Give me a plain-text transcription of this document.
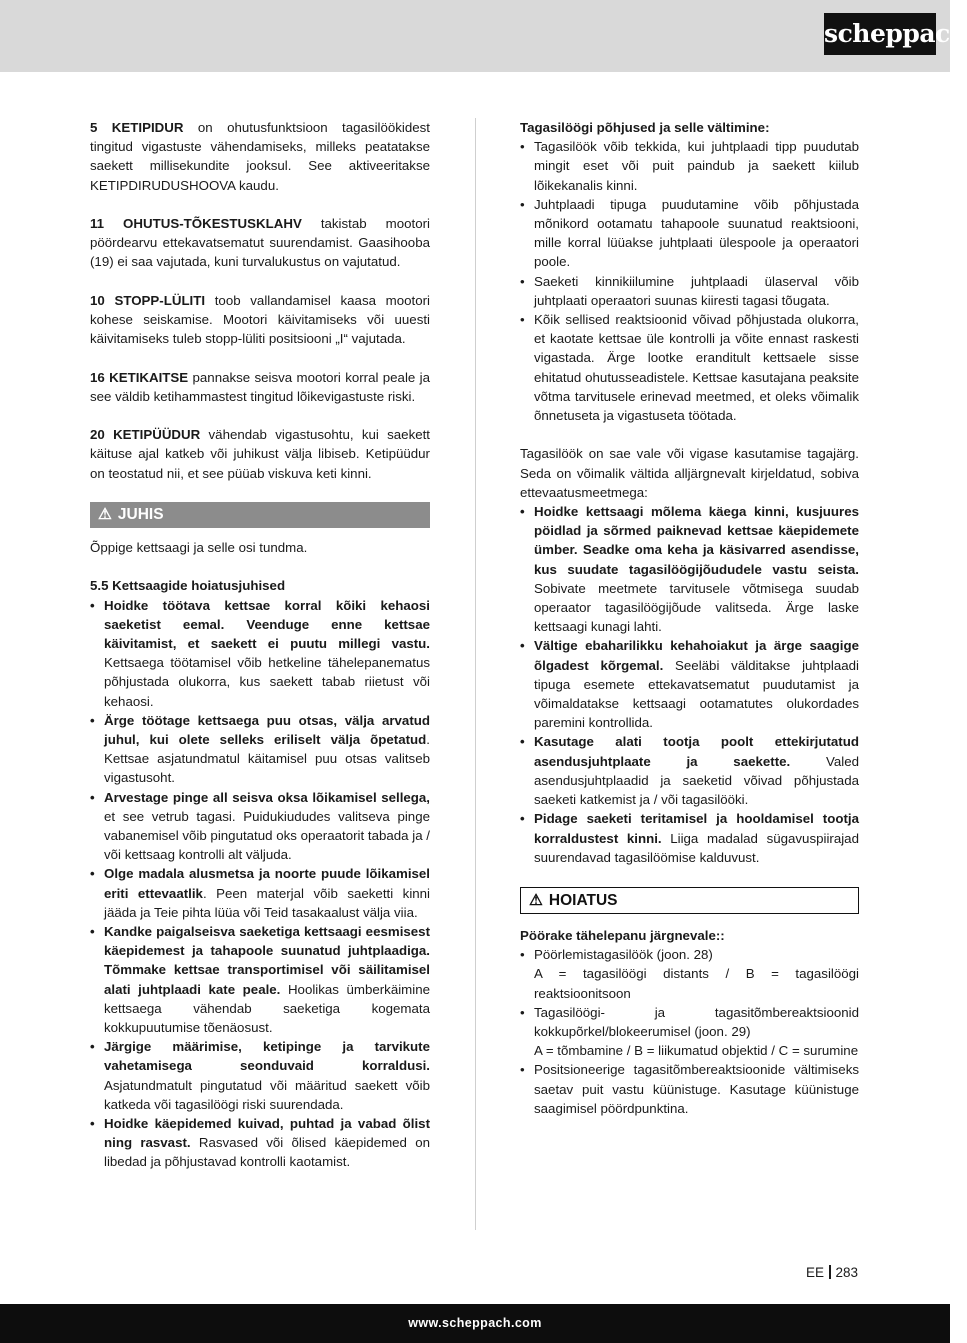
scheppach

5 KETIPIDUR on ohutusfunktsioon tagasilöökidest tingitud vigastuste vähendamiseks, milleks peatatakse saekett millisekundite jooksul. See aktiveeritakse KETIPDIRUDUSHOOVA kaudu.

11 OHUTUS-TÕKESTUSKLAHV takistab mootori pöördearvu ettekavatsematut suurendamist. Gaasihooba (19) ei saa vajutada, kuni turvalukustus on vajutatud.

10 STOPP-LÜLITI toob vallandamisel kaasa mootori kohese seiskamise. Mootori käivitamiseks või uuesti käivitamiseks tuleb stopp-lüliti positsiooni „I“ vajutada.

16 KETIKAITSE pannakse seisva mootori korral peale ja see väldib ketihammastest tingitud lõikevigastuste riski.

20 KETIPÜÜDUR vähendab vigastusohtu, kui saekett käituse ajal katkeb või juhikust välja libiseb. Ketipüüdur on teostatud nii, et see püüab viskuva keti kinni.

⚠ JUHIS

Õppige kettsaagi ja selle osi tundma.

5.5 Kettsaagide hoiatusjuhised
• Hoidke töötava kettsae korral kõiki kehaosi saeketist eemal. Veenduge enne kettsae käivitamist, et saekett ei puutu millegi vastu. Kettsaega töötamisel võib hetkeline tähelepanematus põhjustada olukorra, kus saekett tabab riietust või kehaosi.
• Ärge töötage kettsaega puu otsas, välja arvatud juhul, kui olete selleks eriliselt välja õpetatud. Kettsae asjatundmatul käitamisel puu otsas valitseb vigastusoht.
• Arvestage pinge all seisva oksa lõikamisel sellega, et see vetrub tagasi. Puidukiududes valitseva pinge vabanemisel võib pingutatud oks operaatorit tabada ja / või kettsaag kontrolli alt väljuda.
• Olge madala alusmetsa ja noorte puude lõikamisel eriti ettevaatlik. Peen materjal võib saeketti kinni jääda ja Teie pihta lüüa või Teid tasakaalust välja viia.
• Kandke paigalseisva saeketiga kettsaagi eesmisest käepidemest ja tahapoole suunatud juhtplaadiga. Tõmmake kettsae transportimisel või säilitamisel alati juhtplaadi kate peale. Hoolikas ümberkäimine kettsaega vähendab saeketiga kogemata kokkupuutumise tõenäosust.
• Järgige määrimise, ketipinge ja tarvikute vahetamisega seonduvaid korraldusi. Asjatundmatult pingutatud või määritud saekett võib katkeda või tagasilöögi riski suurendada.
• Hoidke käepidemed kuivad, puhtad ja vabad õlist ning rasvast. Rasvased või õlised käepidemed on libedad ja põhjustavad kontrolli kaotamist.
Tagasilöögi põhjused ja selle vältimine:
• Tagasilöök võib tekkida, kui juhtplaadi tipp puudutab mingit eset või puit paindub ja saekett kiilub lõikekanalis kinni.
• Juhtplaadi tipuga puudutamine võib põhjustada mõnikord ootamatu tahapoole suunatud reaktsiooni, mille korral lüüakse juhtplaati ülespoole ja operaatori poole.
• Saeketi kinnikiilumine juhtplaadi ülaserval võib juhtplaati operaatori suunas kiiresti tagasi tõugata.
• Kõik sellised reaktsioonid võivad põhjustada olukorra, et kaotate kettsae üle kontrolli ja võite ennast raskesti vigastada. Ärge lootke eranditult kettsaele sisse ehitatud ohutusseadistele. Kettsae kasutajana peaksite võtma tarvitusele erinevad meetmed, et oleks võimalik õnnetuseta ja vigastuseta töötada.

Tagasilöök on sae vale või vigase kasutamise tagajärg. Seda on võimalik vältida alljärgnevalt kirjeldatud, sobiva ettevaatusmeetmega:

• Hoidke kettsaagi mõlema käega kinni, kusjuures pöidlad ja sõrmed paiknevad kettsae käepidemete ümber. Seadke oma keha ja käsivarred asendisse, kus suudate tagasilöögijõududele vastu seista. Sobivate meetmete tarvitusele võtmisega suudab operaator tagasilöögijõude valitseda. Ärge laske kettsaagi kunagi lahti.
• Vältige ebaharilikku kehahoiakut ja ärge saagige õlgadest kõrgemal. Seeläbi välditakse juhtplaadi tipuga esemete ettekavatsematut puudutamist ja võimaldatakse kettsaagi ootamatutes olukordades paremini kontrollida.
• Kasutage alati tootja poolt ettekirjutatud asendusjuhtplaate ja saekette. Valed asendusjuhtplaadid ja saeketid võivad põhjustada saeketi katkemist ja / või tagasilööki.
• Pidage saeketi teritamisel ja hooldamisel tootja korraldustest kinni. Liiga madalad sügavuspiirajad suurendavad tagasilöömise kalduvust.
⚠ HOIATUS
Pöörake tähelepanu järgnevale::
• Pöörlemistagasilöök (joon. 28)
A = tagasilöögi distants / B = tagasilöögi reaktsioonitsoon
• Tagasilöögi- ja tagasitõmbereaktsioonid kokkupõrkel/blokeerumisel (joon. 29)
A = tõmbamine / B = liikumatud objektid / C = surumine
• Positsioneerige tagasitõmbereaktsioonide vältimiseks saetav puit vastu küünistuge. Kasutage küünistuge saagimisel pöördpunktina.
EE 283
www.scheppach.com
